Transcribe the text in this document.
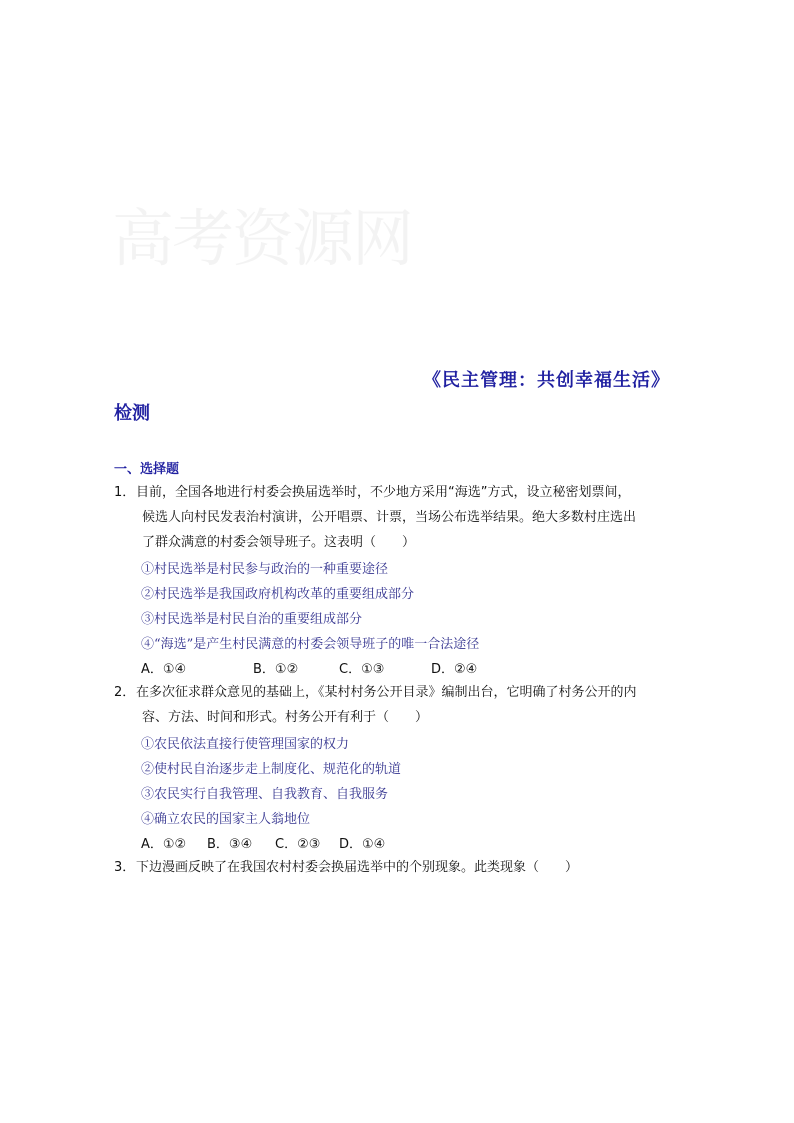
高考资源网
《民主管理：共创幸福生活》
检测
一、选择题
1． 目前，全国各地进行村委会换届选举时，不少地方采用“海选”方式，设立秘密划票间，
候选人向村民发表治村演讲，公开唱票、计票，当场公布选举结果。绝大多数村庄选出
了群众满意的村委会领导班子。这表明（　　）
①村民选举是村民参与政治的一种重要途径
②村民选举是我国政府机构改革的重要组成部分
③村民选举是村民自治的重要组成部分
④“海选”是产生村民满意的村委会领导班子的唯一合法途径
A．①④	B．①②	C．①③	D．②④
2． 在多次征求群众意见的基础上，《某村村务公开目录》编制出台，它明确了村务公开的内
容、方法、时间和形式。村务公开有利于（　　）
①农民依法直接行使管理国家的权力
②使村民自治逐步走上制度化、规范化的轨道
③农民实行自我管理、自我教育、自我服务
④确立农民的国家主人翁地位
A．①② B．③④ C．②③ D．①④
3． 下边漫画反映了在我国农村村委会换届选举中的个别现象。此类现象（　　）
